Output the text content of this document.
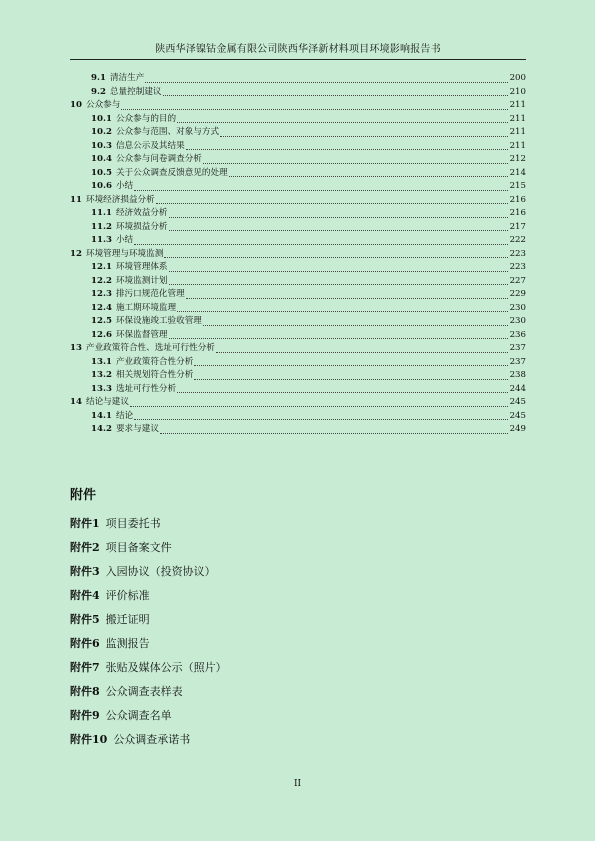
陕西华泽镍钴金属有限公司陕西华泽新材料项目环境影响报告书
9.1 清洁生产	200
9.2 总量控制建议	210
10 公众参与	211
10.1 公众参与的目的	211
10.2 公众参与范围、对象与方式	211
10.3 信息公示及其结果	211
10.4 公众参与问卷调查分析	212
10.5 关于公众调查反馈意见的处理	214
10.6 小结	215
11 环境经济损益分析	216
11.1 经济效益分析	216
11.2 环境损益分析	217
11.3 小结	222
12 环境管理与环境监测	223
12.1 环境管理体系	223
12.2 环境监测计划	227
12.3 排污口规范化管理	229
12.4 施工期环境监理	230
12.5 环保设施竣工验收管理	230
12.6 环保监督管理	236
13 产业政策符合性、选址可行性分析	237
13.1 产业政策符合性分析	237
13.2 相关规划符合性分析	238
13.3 选址可行性分析	244
14 结论与建议	245
14.1 结论	245
14.2 要求与建议	249
附件
附件1 项目委托书
附件2 项目备案文件
附件3 入园协议（投资协议）
附件4 评价标准
附件5 搬迁证明
附件6 监测报告
附件7 张贴及媒体公示（照片）
附件8 公众调查表样表
附件9 公众调查名单
附件10 公众调查承诺书
II
